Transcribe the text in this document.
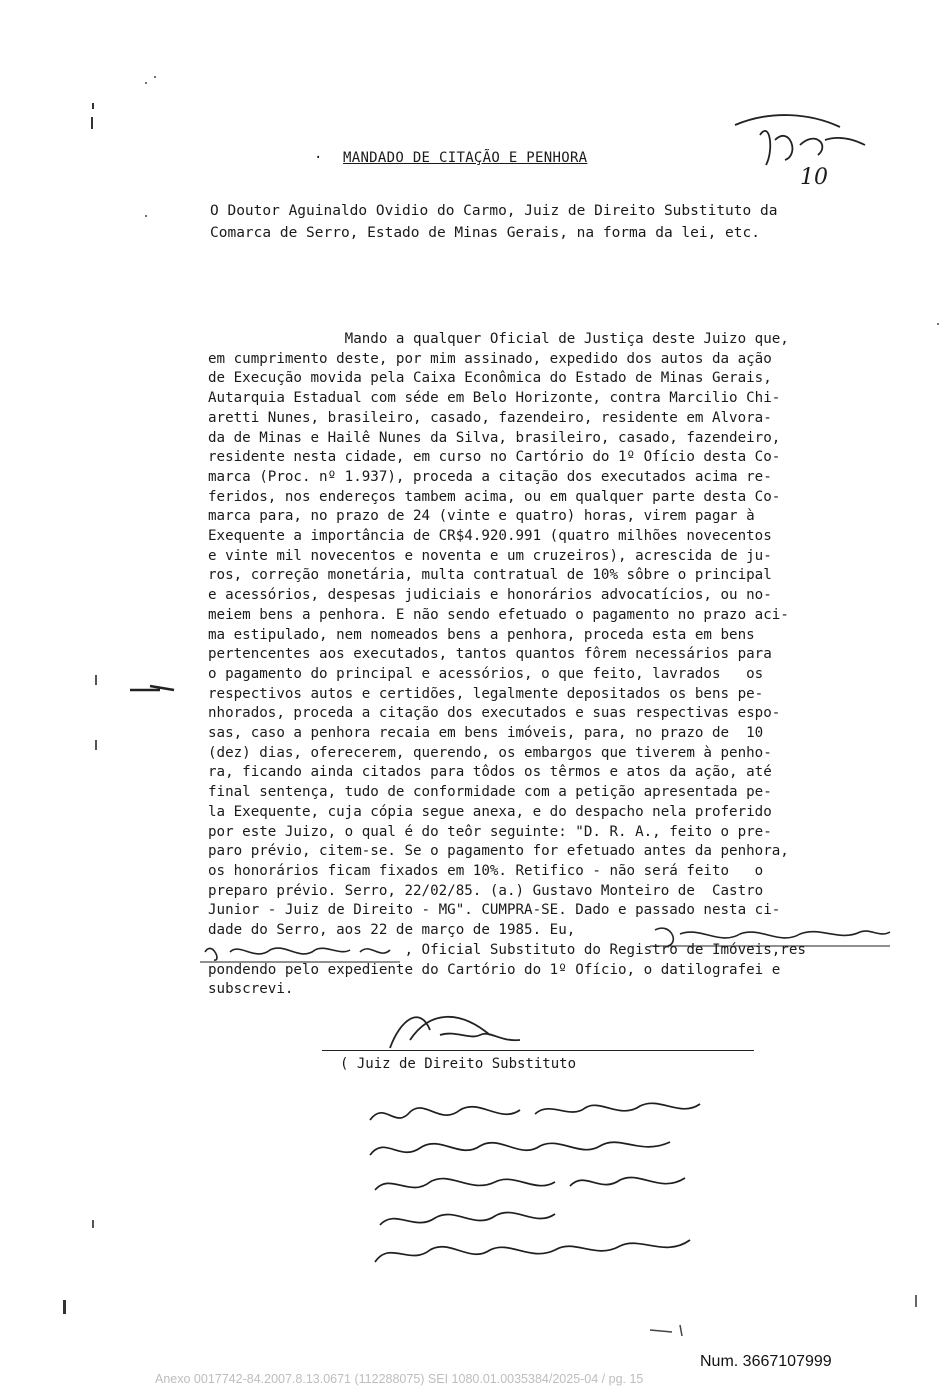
10
· MANDADO DE CITAÇÃO E PENHORA
O Doutor Aguinaldo Ovidio do Carmo, Juiz de Direito Substituto da
Comarca de Serro, Estado de Minas Gerais, na forma da lei, etc.
Mando a qualquer Oficial de Justiça deste Juizo que,
em cumprimento deste, por mim assinado, expedido dos autos da ação
de Execução movida pela Caixa Econômica do Estado de Minas Gerais,
Autarquia Estadual com séde em Belo Horizonte, contra Marcilio Chi-
aretti Nunes, brasileiro, casado, fazendeiro, residente em Alvora-
da de Minas e Hailê Nunes da Silva, brasileiro, casado, fazendeiro,
residente nesta cidade, em curso no Cartório do 1º Ofício desta Co-
marca (Proc. nº 1.937), proceda a citação dos executados acima re-
feridos, nos endereços tambem acima, ou em qualquer parte desta Co-
marca para, no prazo de 24 (vinte e quatro) horas, virem pagar à
Exequente a importância de CR$4.920.991 (quatro milhões novecentos
e vinte mil novecentos e noventa e um cruzeiros), acrescida de ju-
ros, correção monetária, multa contratual de 10% sôbre o principal
e acessórios, despesas judiciais e honorários advocatícios, ou no-
meiem bens a penhora. E não sendo efetuado o pagamento no prazo aci-
ma estipulado, nem nomeados bens a penhora, proceda esta em bens
pertencentes aos executados, tantos quantos fôrem necessários para
o pagamento do principal e acessórios, o que feito, lavrados   os
respectivos autos e certidões, legalmente depositados os bens pe-
nhorados, proceda a citação dos executados e suas respectivas espo-
sas, caso a penhora recaia em bens imóveis, para, no prazo de  10
(dez) dias, oferecerem, querendo, os embargos que tiverem à penho-
ra, ficando ainda citados para tôdos os têrmos e atos da ação, até
final sentença, tudo de conformidade com a petição apresentada pe-
la Exequente, cuja cópia segue anexa, e do despacho nela proferido
por este Juizo, o qual é do teôr seguinte: "D. R. A., feito o pre-
paro prévio, citem-se. Se o pagamento for efetuado antes da penhora,
os honorários ficam fixados em 10%. Retifico - não será feito   o
preparo prévio. Serro, 22/02/85. (a.) Gustavo Monteiro de  Castro
Junior - Juiz de Direito - MG". CUMPRA-SE. Dado e passado nesta ci-
dade do Serro, aos 22 de março de 1985. Eu,
, Oficial Substituto do Registro de Imóveis,res
pondendo pelo expediente do Cartório do 1º Ofício, o datilografei e
subscrevi.
( Juiz de Direito Substituto
Num. 3667107999
Anexo 0017742-84.2007.8.13.0671 (112288075) SEI 1080.01.0035384/2025-04 / pg. 15
